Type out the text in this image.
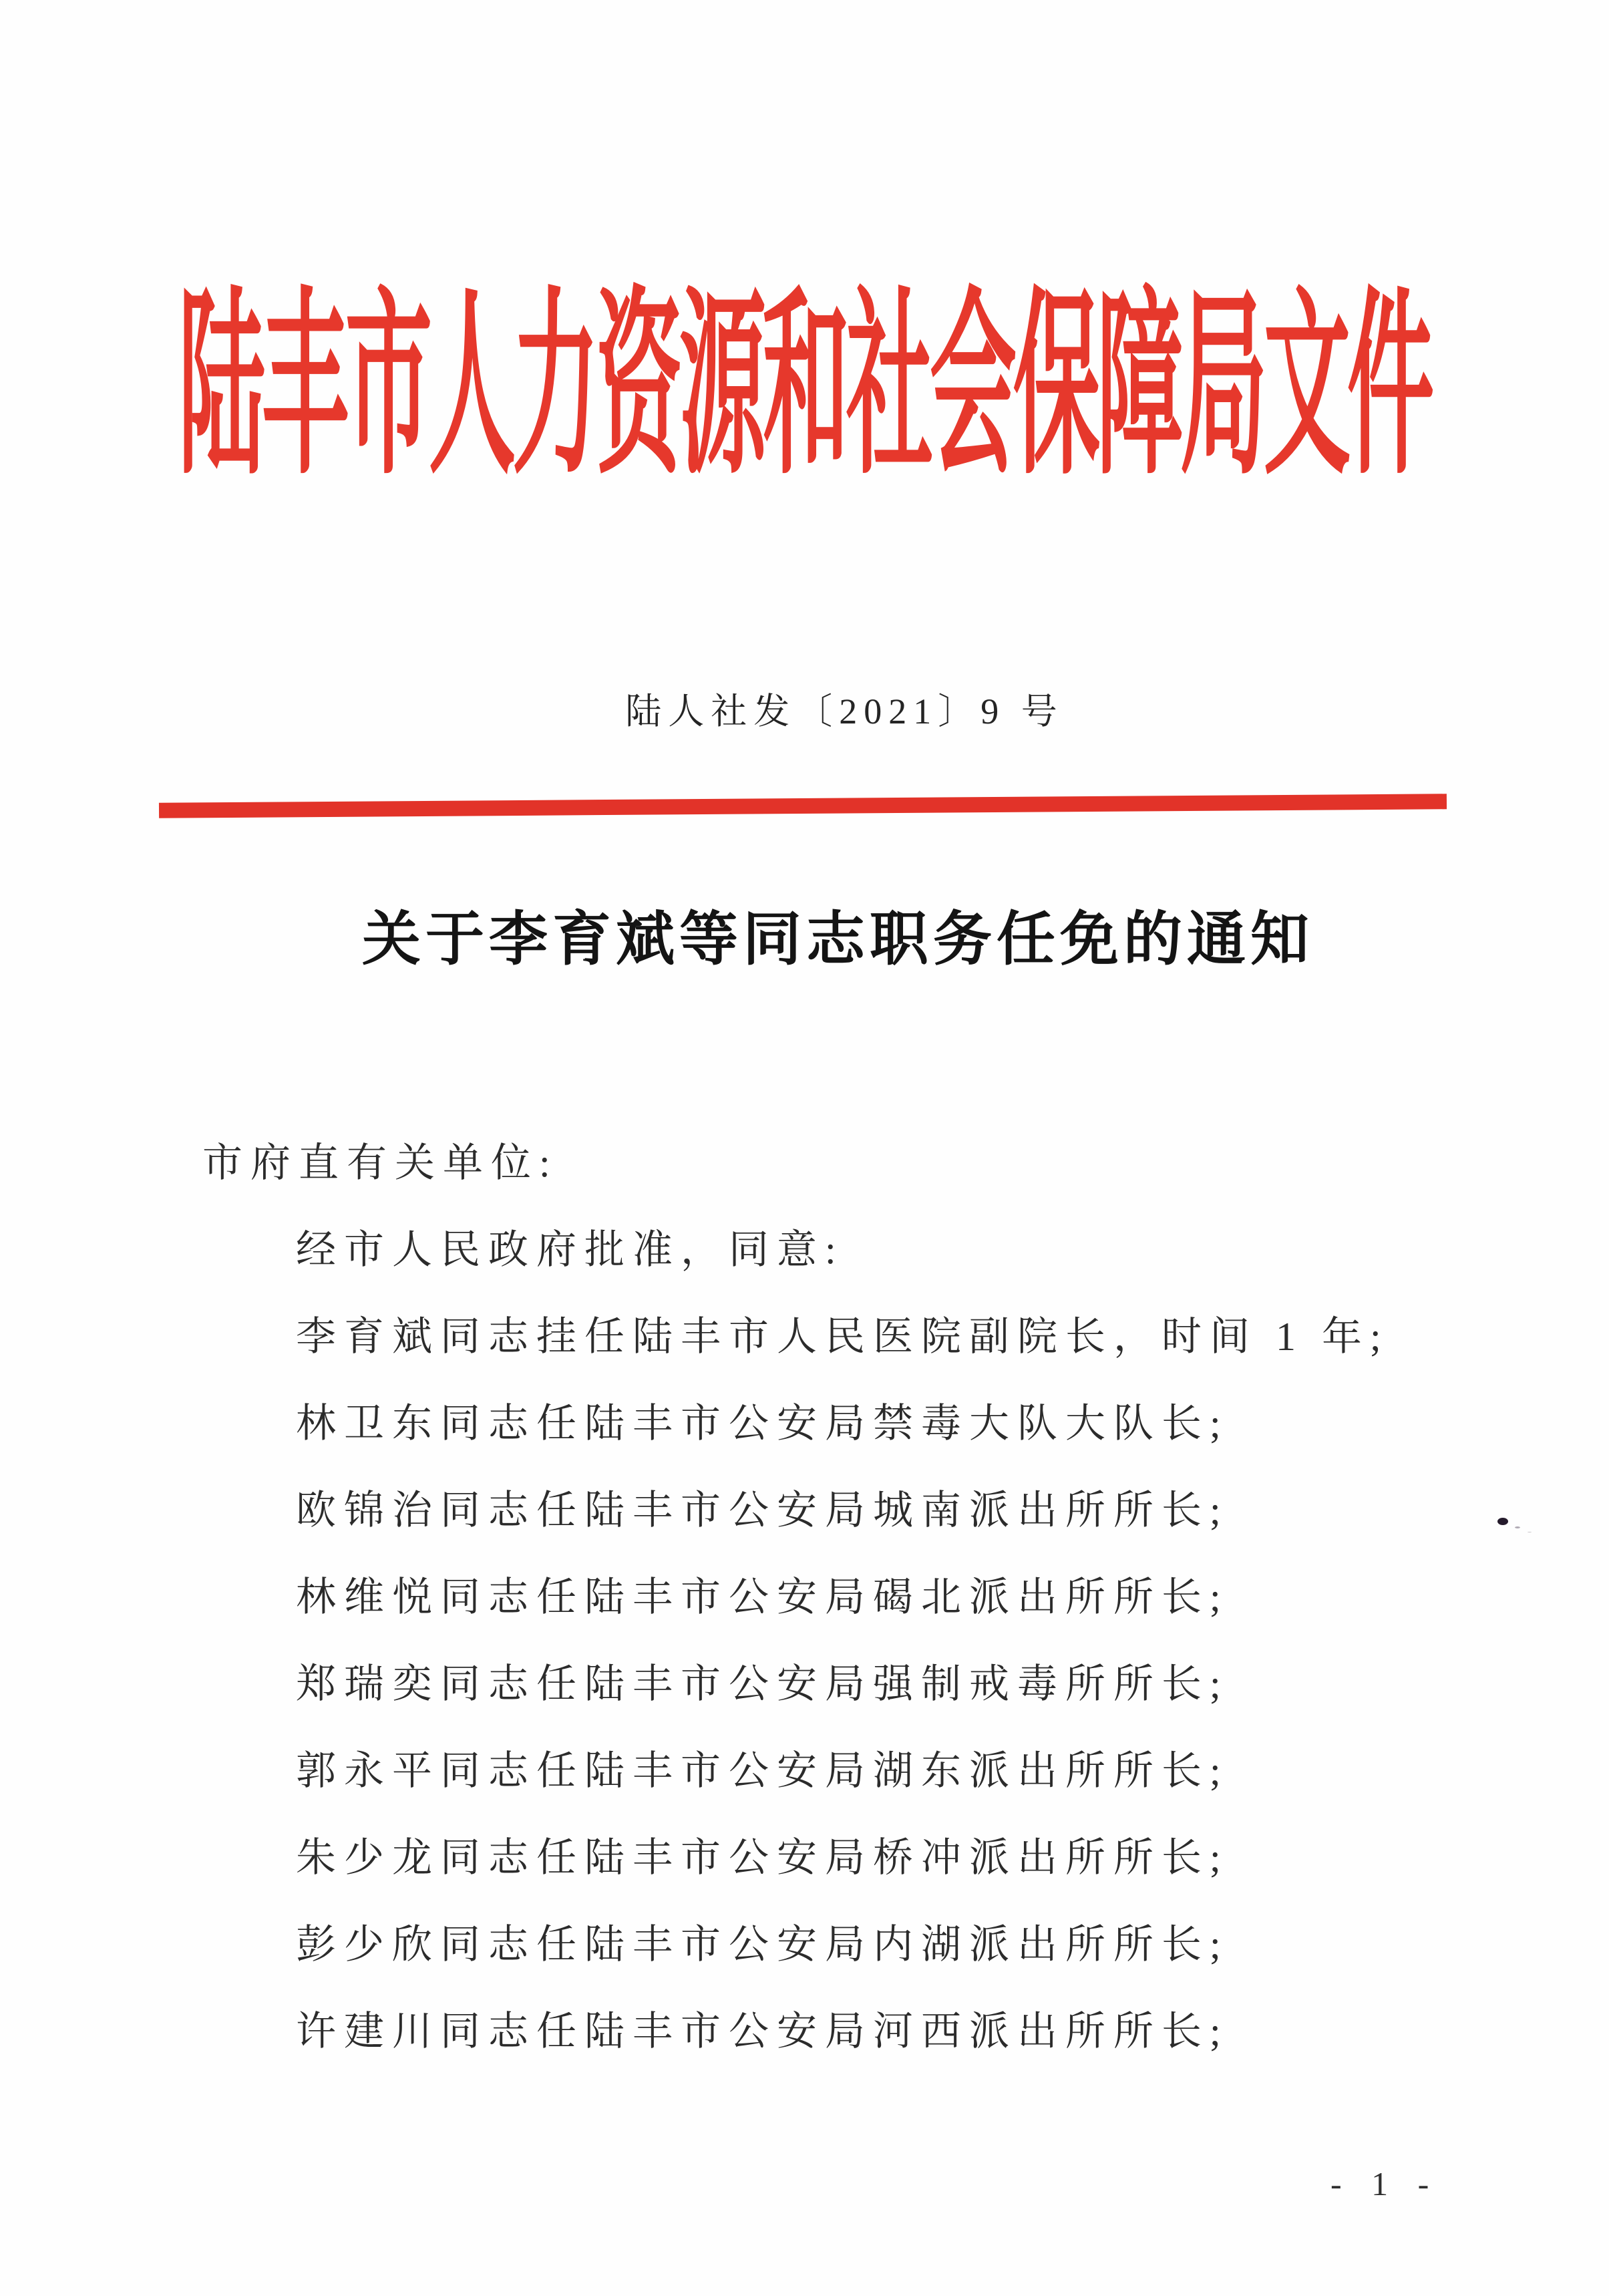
陆丰市人力资源和社会保障局文件
陆人社发〔2021〕9 号
关于李育斌等同志职务任免的通知

市府直有关单位:

经市人民政府批准，同意:

李育斌同志挂任陆丰市人民医院副院长，时间 1 年;

林卫东同志任陆丰市公安局禁毒大队大队长;

欧锦治同志任陆丰市公安局城南派出所所长;

林维悦同志任陆丰市公安局碣北派出所所长;

郑瑞奕同志任陆丰市公安局强制戒毒所所长;

郭永平同志任陆丰市公安局湖东派出所所长;

朱少龙同志任陆丰市公安局桥冲派出所所长;

彭少欣同志任陆丰市公安局内湖派出所所长;

许建川同志任陆丰市公安局河西派出所所长;

- 1 -
